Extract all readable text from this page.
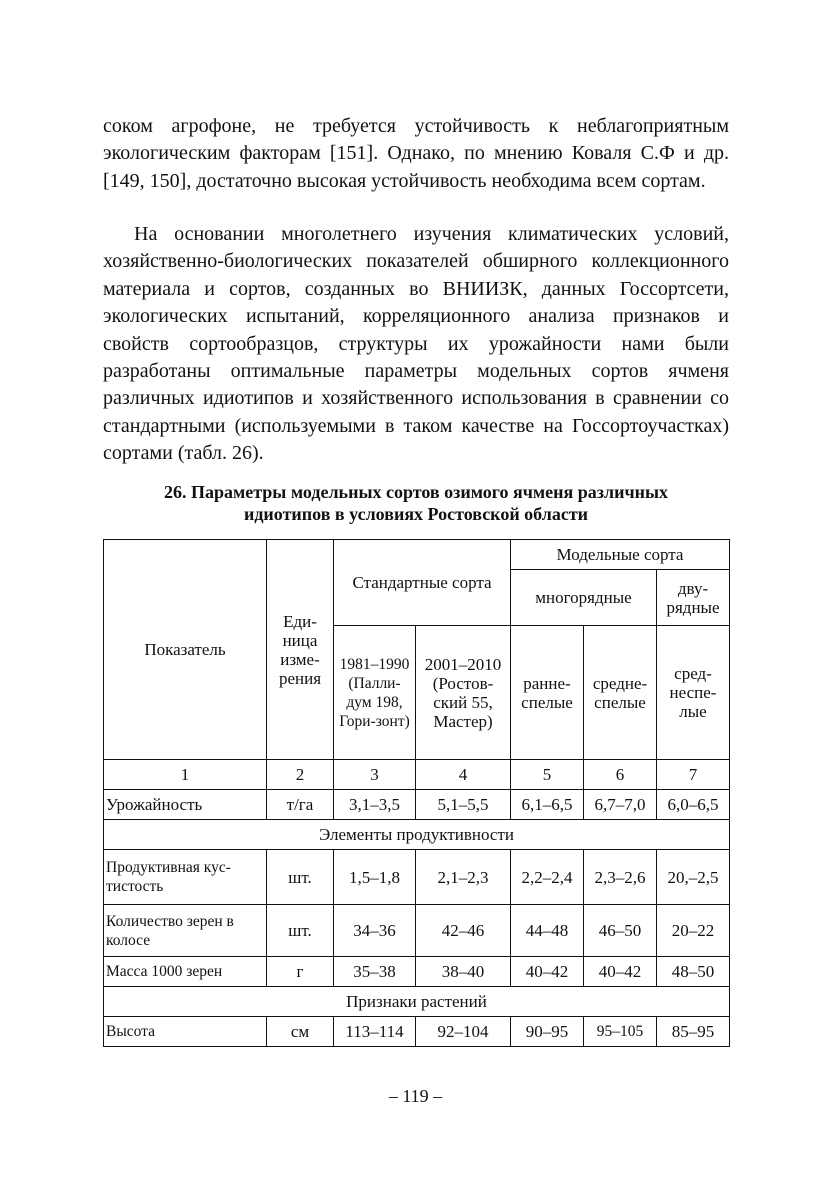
соком агрофоне, не требуется устойчивость к неблагоприятным экологическим факторам [151]. Однако, по мнению Коваля С.Ф и др. [149, 150], достаточно высокая устойчивость необходима всем сортам.

На основании многолетнего изучения климатических условий, хозяйственно-биологических показателей обширного коллекционного материала и сортов, созданных во ВНИИЗК, данных Госсортсети, экологических испытаний, корреляционного анализа признаков и свойств сортообразцов, структуры их урожайности нами были разработаны оптимальные параметры модельных сортов ячменя различных идиотипов и хозяйственного использования в сравнении со стандартными (используемыми в таком качестве на Госсортоучастках) сортами (табл. 26).

26. Параметры модельных сортов озимого ячменя различных
идиотипов в условиях Ростовской области
Показатель	Еди-ница изме-рения	Стандартные сорта		Модельные сорта		
				многорядные		дву-рядные
		1981–1990 (Палли-дум 198, Гори-зонт)	2001–2010 (Ростов-ский 55, Мастер)	ранне-спелые	средне-спелые	сред-неспе-лые
1	2	3	4	5	6	7
Урожайность	т/га	3,1–3,5	5,1–5,5	6,1–6,5	6,7–7,0	6,0–6,5
Элементы продуктивности						
Продуктивная кус-тистость	шт.	1,5–1,8	2,1–2,3	2,2–2,4	2,3–2,6	20,–2,5
Количество зерен в колосе	шт.	34–36	42–46	44–48	46–50	20–22
Масса 1000 зерен	г	35–38	38–40	40–42	40–42	48–50
Признаки растений						
Высота	см	113–114	92–104	90–95	95–105	85–95
– 119 –
